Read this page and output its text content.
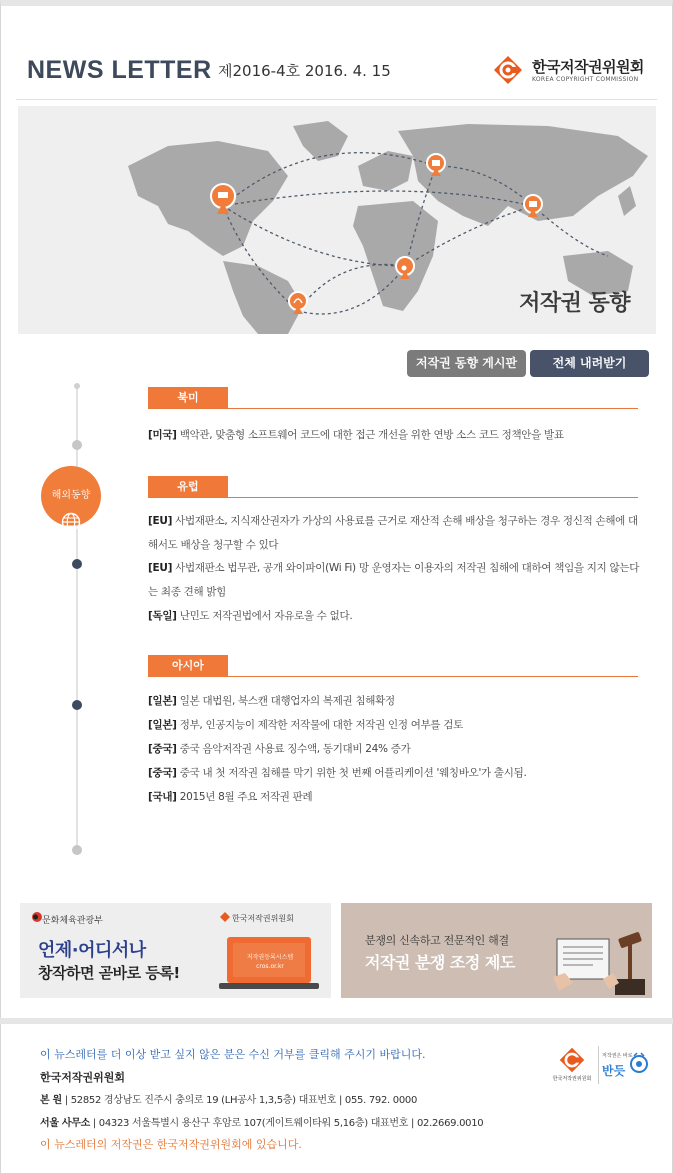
NEWS LETTER 제2016-4호 2016. 4. 15	한국저작권위원회
KOREA COPYRIGHT COMMISSION
저작권 동향
저작권 동향 게시판	전체 내려받기
해외동향
북미
[미국] 백악관, 맞춤형 소프트웨어 코드에 대한 접근 개선을 위한 연방 소스 코드 정책안을 발표
유럽
[EU] 사법재판소, 지식재산권자가 가상의 사용료를 근거로 재산적 손해 배상을 청구하는 경우 정신적 손해에 대해서도 배상을 청구할 수 있다
[EU] 사법재판소 법무관, 공개 와이파이(Wi Fi) 망 운영자는 이용자의 저작권 침해에 대하여 책임을 지지 않는다는 최종 견해 밝힘
[독일] 난민도 저작권법에서 자유로울 수 없다.
아시아
[일본] 일본 대법원, 북스캔 대행업자의 복제권 침해확정
[일본] 정부, 인공지능이 제작한 저작물에 대한 저작권 인정 여부를 검토
[중국] 중국 음악저작권 사용료 징수액, 동기대비 24% 증가
[중국] 중국 내 첫 저작권 침해를 막기 위한 첫 번째 어플리케이션 '웨칭바오'가 출시됨.
[국내] 2015년 8월 주요 저작권 판례
문화체육관광부	한국저작권위원회
언제·어디서나
창작하면 곧바로 등록!
저작권등록시스템
cros.or.kr
분쟁의 신속하고 전문적인 해결
저작권 분쟁 조정 제도
이 뉴스레터를 더 이상 받고 싶지 않은 분은 수신 거부를 클릭해 주시기 바랍니다.
한국저작권위원회
본 원 | 52852 경상남도 진주시 충의로 19 (LH공사 1,3,5층) 대표번호 | 055. 792. 0000
서울 사무소 | 04323 서울특별시 용산구 후암로 107(게이트웨이타워 5,16층) 대표번호 | 02.2669.0010
이 뉴스레터의 저작권은 한국저작권위원회에 있습니다.
한국저작권위원회
저작권은 바로
반듯
